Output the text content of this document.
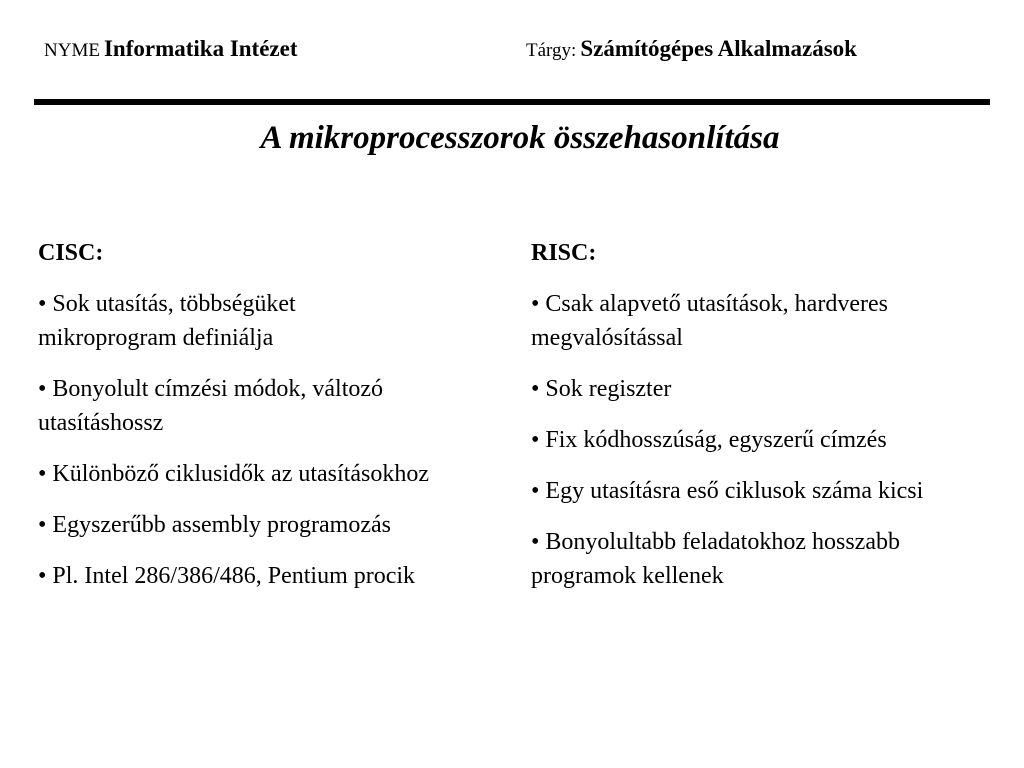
NYME Informatika Intézet	Tárgy: Számítógépes Alkalmazások
A mikroprocesszorok összehasonlítása
CISC:
• Sok utasítás, többségüket
mikroprogram definiálja
• Bonyolult címzési módok, változó
utasításhossz
• Különböző ciklusidők az utasításokhoz
• Egyszerűbb assembly programozás
• Pl. Intel 286/386/486, Pentium procik
RISC:
• Csak alapvető utasítások, hardveres
megvalósítással
• Sok regiszter
• Fix kódhosszúság, egyszerű címzés
• Egy utasításra eső ciklusok száma kicsi
• Bonyolultabb feladatokhoz hosszabb
programok kellenek
